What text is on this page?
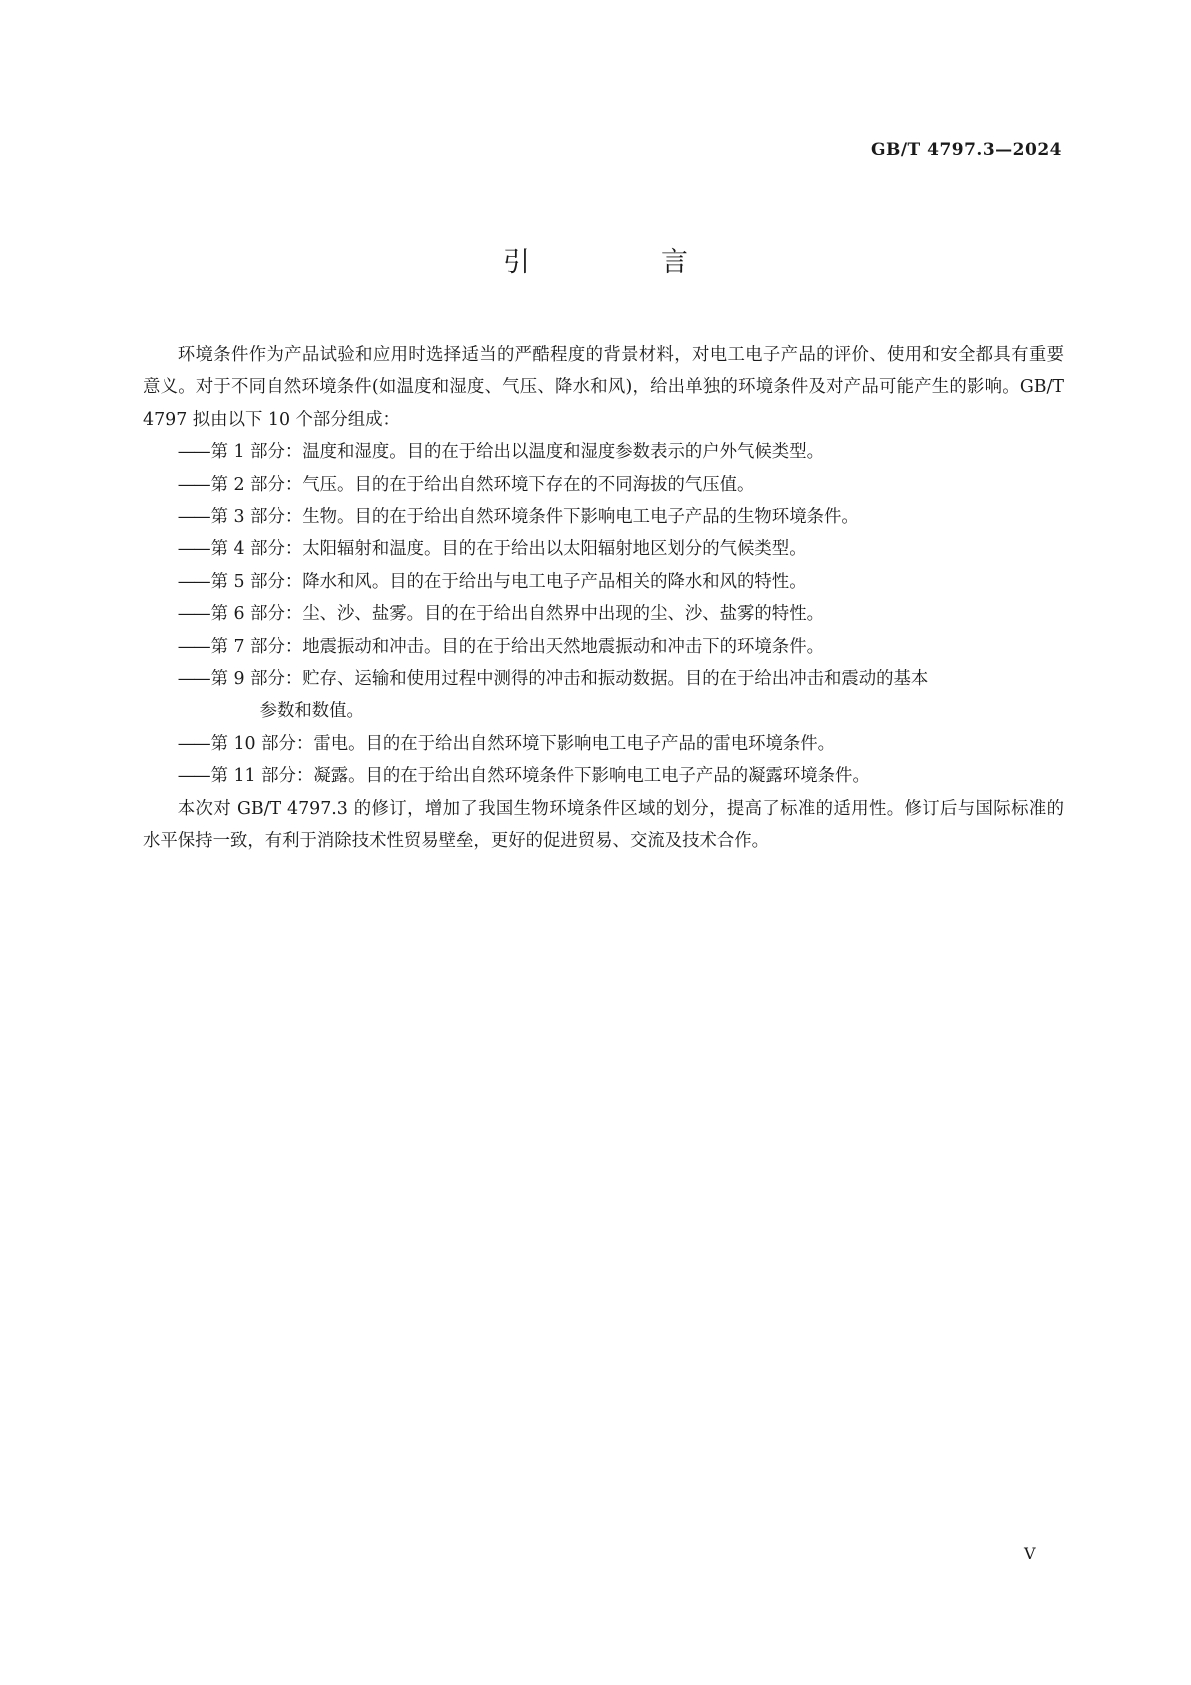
GB/T 4797.3—2024
引　言

环境条件作为产品试验和应用时选择适当的严酷程度的背景材料，对电工电子产品的评价、使用和安全都具有重要意义。对于不同自然环境条件(如温度和湿度、气压、降水和风)，给出单独的环境条件及对产品可能产生的影响。GB/T 4797 拟由以下 10 个部分组成：

—— 第 1 部分：温度和湿度。目的在于给出以温度和湿度参数表示的户外气候类型。

—— 第 2 部分：气压。目的在于给出自然环境下存在的不同海拔的气压值。

—— 第 3 部分：生物。目的在于给出自然环境条件下影响电工电子产品的生物环境条件。

—— 第 4 部分：太阳辐射和温度。目的在于给出以太阳辐射地区划分的气候类型。

—— 第 5 部分：降水和风。目的在于给出与电工电子产品相关的降水和风的特性。

—— 第 6 部分：尘、沙、盐雾。目的在于给出自然界中出现的尘、沙、盐雾的特性。

—— 第 7 部分：地震振动和冲击。目的在于给出天然地震振动和冲击下的环境条件。

—— 第 9 部分：贮存、运输和使用过程中测得的冲击和振动数据。目的在于给出冲击和震动的基本
参数和数值。

—— 第 10 部分：雷电。目的在于给出自然环境下影响电工电子产品的雷电环境条件。

—— 第 11 部分：凝露。目的在于给出自然环境条件下影响电工电子产品的凝露环境条件。

本次对 GB/T 4797.3 的修订，增加了我国生物环境条件区域的划分，提高了标准的适用性。修订后与国际标准的水平保持一致，有利于消除技术性贸易壁垒，更好的促进贸易、交流及技术合作。

V
